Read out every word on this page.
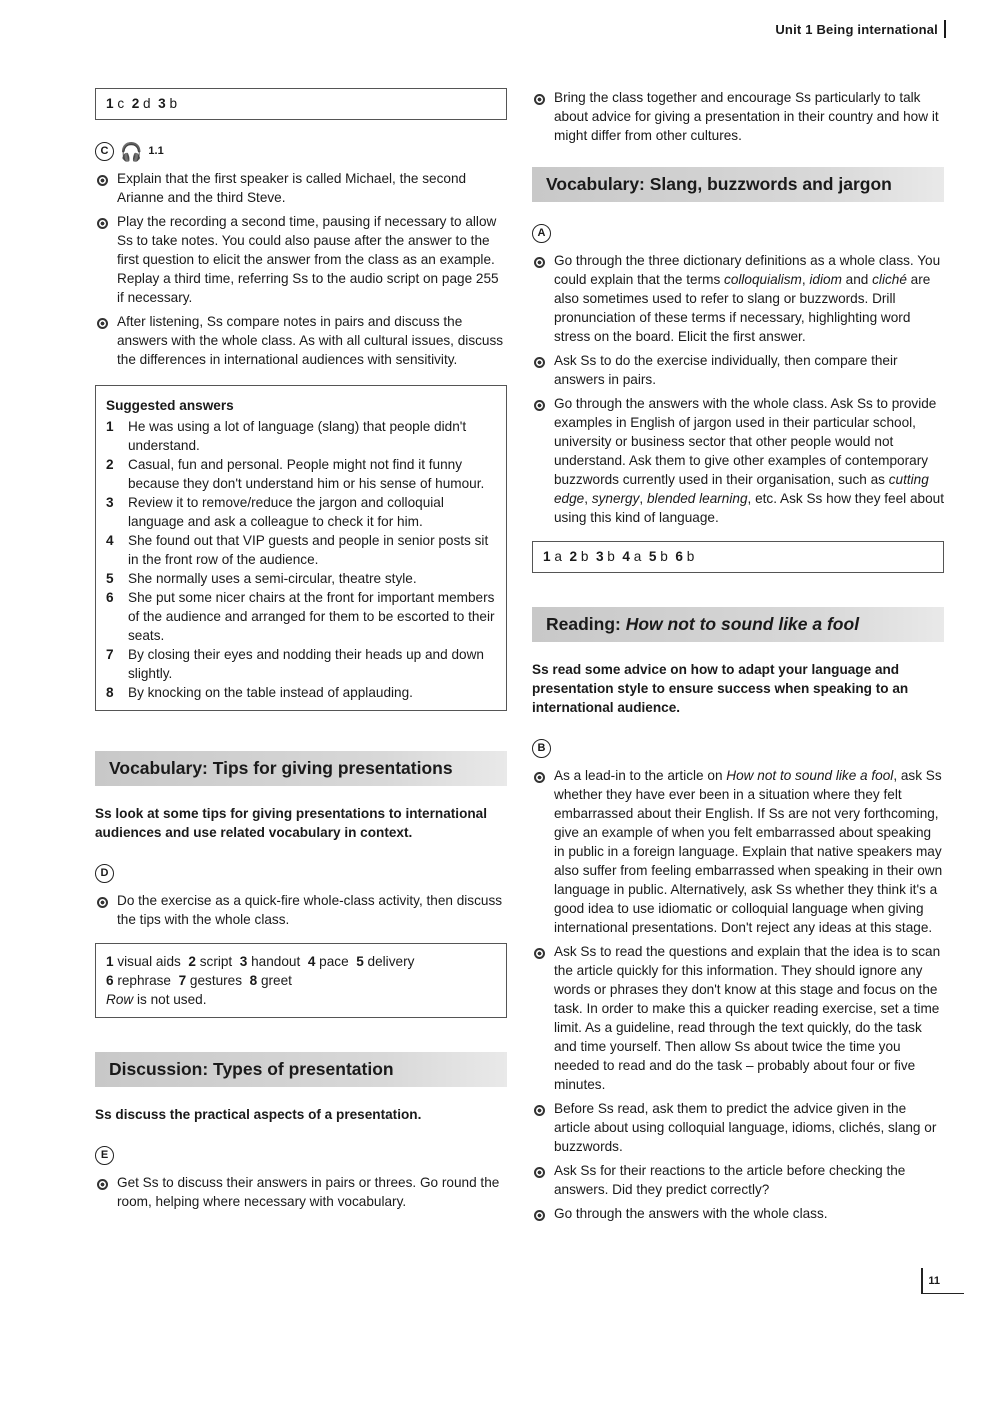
Unit 1 Being international
1 c 2 d 3 b
C 🎧 1.1
Explain that the first speaker is called Michael, the second Arianne and the third Steve.
Play the recording a second time, pausing if necessary to allow Ss to take notes. You could also pause after the answer to the first question to elicit the answer from the class as an example. Replay a third time, referring Ss to the audio script on page 255 if necessary.
After listening, Ss compare notes in pairs and discuss the answers with the whole class. As with all cultural issues, discuss the differences in international audiences with sensitivity.
Suggested answers
1 He was using a lot of language (slang) that people didn't understand.
2 Casual, fun and personal. People might not find it funny because they don't understand him or his sense of humour.
3 Review it to remove/reduce the jargon and colloquial language and ask a colleague to check it for him.
4 She found out that VIP guests and people in senior posts sit in the front row of the audience.
5 She normally uses a semi-circular, theatre style.
6 She put some nicer chairs at the front for important members of the audience and arranged for them to be escorted to their seats.
7 By closing their eyes and nodding their heads up and down slightly.
8 By knocking on the table instead of applauding.
Vocabulary: Tips for giving presentations
Ss look at some tips for giving presentations to international audiences and use related vocabulary in context.
D
Do the exercise as a quick-fire whole-class activity, then discuss the tips with the whole class.
1 visual aids 2 script 3 handout 4 pace 5 delivery
6 rephrase 7 gestures 8 greet
Row is not used.
Discussion: Types of presentation
Ss discuss the practical aspects of a presentation.
E
Get Ss to discuss their answers in pairs or threes. Go round the room, helping where necessary with vocabulary.
Bring the class together and encourage Ss particularly to talk about advice for giving a presentation in their country and how it might differ from other cultures.
Vocabulary: Slang, buzzwords and jargon
A
Go through the three dictionary definitions as a whole class. You could explain that the terms colloquialism, idiom and cliché are also sometimes used to refer to slang or buzzwords. Drill pronunciation of these terms if necessary, highlighting word stress on the board. Elicit the first answer.
Ask Ss to do the exercise individually, then compare their answers in pairs.
Go through the answers with the whole class. Ask Ss to provide examples in English of jargon used in their particular school, university or business sector that other people would not understand. Ask them to give other examples of contemporary buzzwords currently used in their organisation, such as cutting edge, synergy, blended learning, etc. Ask Ss how they feel about using this kind of language.
1 a 2 b 3 b 4 a 5 b 6 b
Reading: How not to sound like a fool
Ss read some advice on how to adapt your language and presentation style to ensure success when speaking to an international audience.
B
As a lead-in to the article on How not to sound like a fool, ask Ss whether they have ever been in a situation where they felt embarrassed about their English. If Ss are not very forthcoming, give an example of when you felt embarrassed about speaking in public in a foreign language. Explain that native speakers may also suffer from feeling embarrassed when speaking in their own language in public. Alternatively, ask Ss whether they think it's a good idea to use idiomatic or colloquial language when giving international presentations. Don't reject any ideas at this stage.
Ask Ss to read the questions and explain that the idea is to scan the article quickly for this information. They should ignore any words or phrases they don't know at this stage and focus on the task. In order to make this a quicker reading exercise, set a time limit. As a guideline, read through the text quickly, do the task and time yourself. Then allow Ss about twice the time you needed to read and do the task – probably about four or five minutes.
Before Ss read, ask them to predict the advice given in the article about using colloquial language, idioms, clichés, slang or buzzwords.
Ask Ss for their reactions to the article before checking the answers. Did they predict correctly?
Go through the answers with the whole class.
11
